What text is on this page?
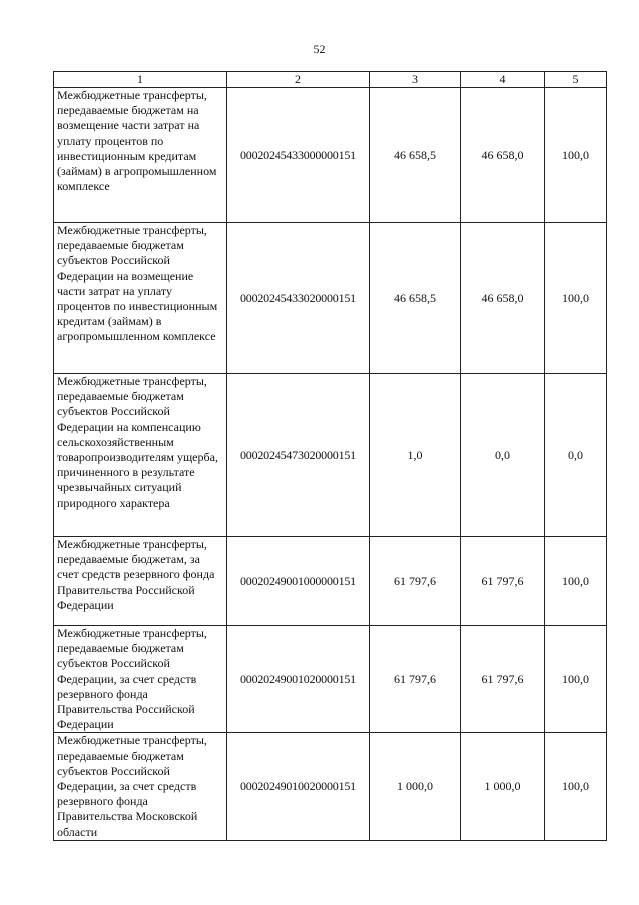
52
1	2	3	4	5
Межбюджетные трансферты, передаваемые бюджетам на возмещение части затрат на уплату процентов по инвестиционным кредитам (займам) в агропромышленном комплексе	00020245433000000151	46 658,5	46 658,0	100,0
Межбюджетные трансферты, передаваемые бюджетам субъектов Российской Федерации на возмещение части затрат на уплату процентов по инвестиционным кредитам (займам) в агропромышленном комплексе	00020245433020000151	46 658,5	46 658,0	100,0
Межбюджетные трансферты, передаваемые бюджетам субъектов Российской Федерации на компенсацию сельскохозяйственным товаропроизводителям ущерба, причиненного в результате чрезвычайных ситуаций природного характера	00020245473020000151	1,0	0,0	0,0
Межбюджетные трансферты, передаваемые бюджетам, за счет средств резервного фонда Правительства Российской Федерации	00020249001000000151	61 797,6	61 797,6	100,0
Межбюджетные трансферты, передаваемые бюджетам субъектов Российской Федерации, за счет средств резервного фонда Правительства Российской Федерации	00020249001020000151	61 797,6	61 797,6	100,0
Межбюджетные трансферты, передаваемые бюджетам субъектов Российской Федерации, за счет средств резервного фонда Правительства Московской области	00020249010020000151	1 000,0	1 000,0	100,0
